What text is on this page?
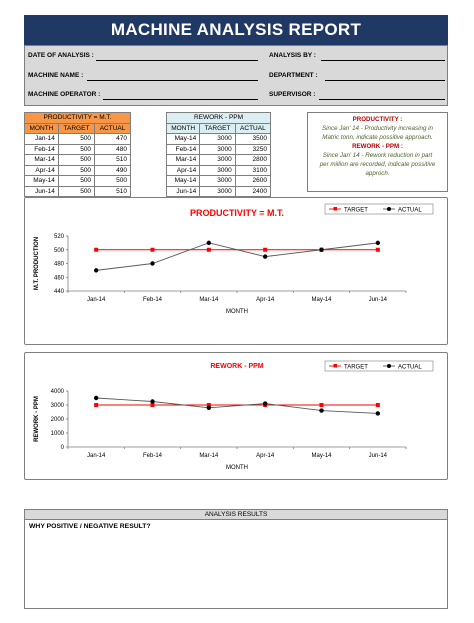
MACHINE ANALYSIS REPORT
DATE OF ANALYSIS :	ANALYSIS BY :
MACHINE NAME :	DEPARTMENT :
MACHINE OPERATOR :	SUPERVISOR :
PRODUCTIVITY = M.T.		
MONTH	TARGET	ACTUAL
Jan-14	500	470
Feb-14	500	480
Mar-14	500	510
Apr-14	500	490
May-14	500	500
Jun-14	500	510
REWORK - PPM		
MONTH	TARGET	ACTUAL
May-14	3000	3500
Feb-14	3000	3250
Mar-14	3000	2800
Apr-14	3000	3100
May-14	3000	2600
Jun-14	3000	2400
PRODUCTIVITY :
Since Jan' 14 - Productivity increasing in
Matric tonn, indicate possitive approach.
REWORK - PPM :
Since Jan' 14 - Rework reduction in part
per million are recorded, indicate possitive
approch.
PRODUCTIVITY = M.T.
440
460
480
500
520
Jan-14	Feb-14	Mar-14	Apr-14	May-14	Jun-14
MONTH
M.T. PRODUCTION
TARGET	ACTUAL
REWORK - PPM
0
1000
2000
3000
4000
Jan-14	Feb-14	Mar-14	Apr-14	May-14	Jun-14
MONTH
REWORK - PPM
TARGET	ACTUAL
ANALYSIS RESULTS
WHY POSITIVE / NEGATIVE RESULT?
